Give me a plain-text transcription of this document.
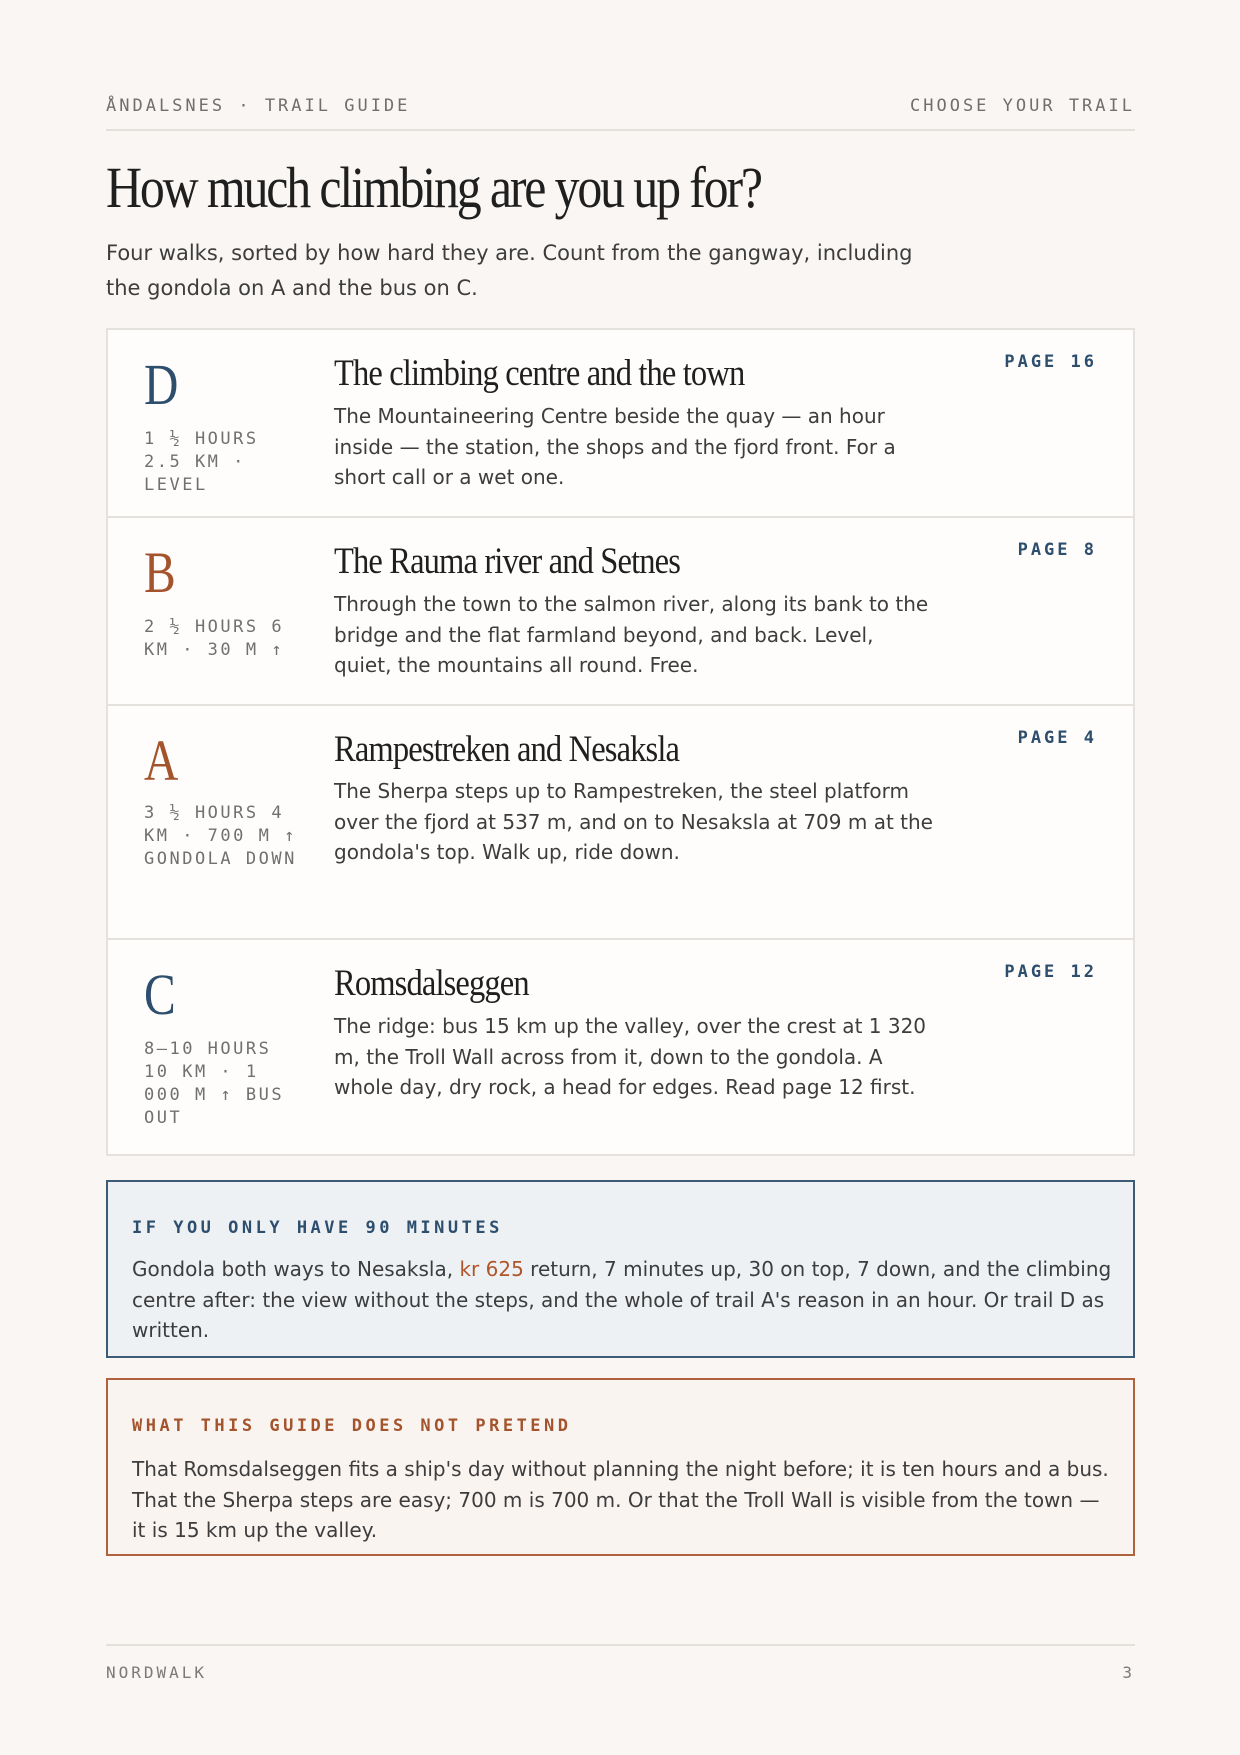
ÅNDALSNES · TRAIL GUIDE	CHOOSE YOUR TRAIL
How much climbing are you up for?

Four walks, sorted by how hard they are. Count from the gangway, including the gondola on A and the bus on C.

D
1 ½ HOURS 2.5 KM · LEVEL
The climbing centre and the town
The Mountaineering Centre beside the quay — an hour inside — the station, the shops and the fjord front. For a short call or a wet one.
PAGE 16
B
2 ½ HOURS 6 KM · 30 M ↑
The Rauma river and Setnes
Through the town to the salmon river, along its bank to the bridge and the flat farmland beyond, and back. Level, quiet, the mountains all round. Free.
PAGE 8
A
3 ½ HOURS 4 KM · 700 M ↑ GONDOLA DOWN
Rampestreken and Nesaksla
The Sherpa steps up to Rampestreken, the steel platform over the fjord at 537 m, and on to Nesaksla at 709 m at the gondola's top. Walk up, ride down.
PAGE 4
C
8–10 HOURS 10 KM · 1 000 M ↑ BUS OUT
Romsdalseggen
The ridge: bus 15 km up the valley, over the crest at 1 320 m, the Troll Wall across from it, down to the gondola. A whole day, dry rock, a head for edges. Read page 12 first.
PAGE 12
IF YOU ONLY HAVE 90 MINUTES

Gondola both ways to Nesaksla, kr 625 return, 7 minutes up, 30 on top, 7 down, and the climbing centre after: the view without the steps, and the whole of trail A's reason in an hour. Or trail D as written.

WHAT THIS GUIDE DOES NOT PRETEND

That Romsdalseggen fits a ship's day without planning the night before; it is ten hours and a bus. That the Sherpa steps are easy; 700 m is 700 m. Or that the Troll Wall is visible from the town — it is 15 km up the valley.

NORDWALK	3
